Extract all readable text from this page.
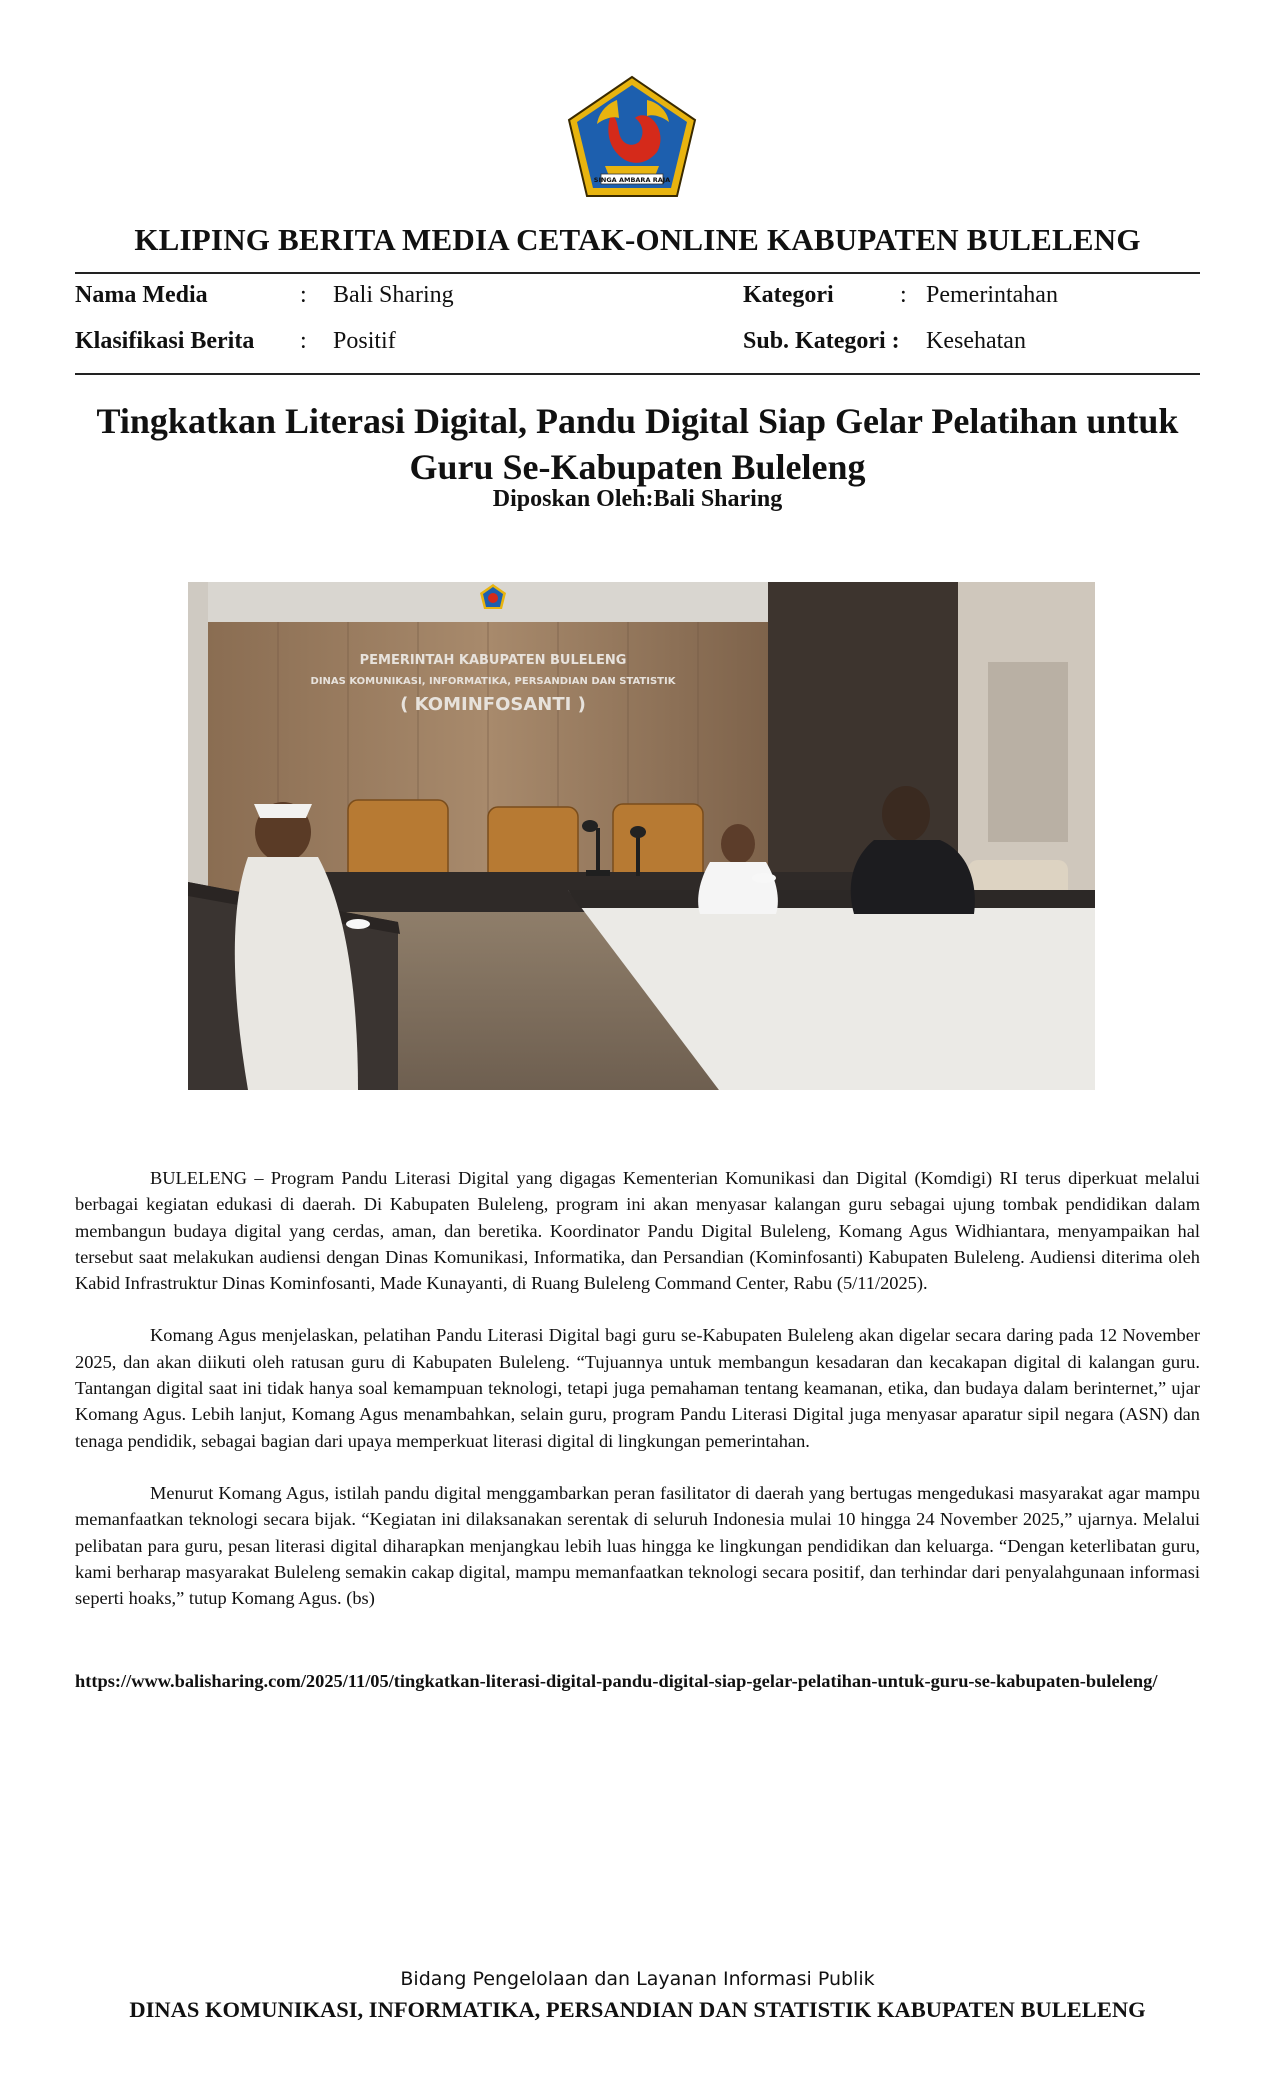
SINGA AMBARA RAJA
KLIPING BERITA MEDIA CETAK-ONLINE KABUPATEN BULELENG
Nama Media	: Bali Sharing
Klasifikasi Berita : Positif
Kategori	: Pemerintahan
Sub. Kategori : Kesehatan
Tingkatkan Literasi Digital, Pandu Digital Siap Gelar Pelatihan untuk
Guru Se-Kabupaten Buleleng
Diposkan Oleh:Bali Sharing
PEMERINTAH KABUPATEN BULELENG
DINAS KOMUNIKASI, INFORMATIKA, PERSANDIAN DAN STATISTIK
( KOMINFOSANTI )

BULELENG – Program Pandu Literasi Digital yang digagas Kementerian Komunikasi dan Digital (Komdigi) RI terus diperkuat melalui berbagai kegiatan edukasi di daerah. Di Kabupaten Buleleng, program ini akan menyasar kalangan guru sebagai ujung tombak pendidikan dalam membangun budaya digital yang cerdas, aman, dan beretika. Koordinator Pandu Digital Buleleng, Komang Agus Widhiantara, menyampaikan hal tersebut saat melakukan audiensi dengan Dinas Komunikasi, Informatika, dan Persandian (Kominfosanti) Kabupaten Buleleng. Audiensi diterima oleh Kabid Infrastruktur Dinas Kominfosanti, Made Kunayanti, di Ruang Buleleng Command Center, Rabu (5/11/2025).

Komang Agus menjelaskan, pelatihan Pandu Literasi Digital bagi guru se-Kabupaten Buleleng akan digelar secara daring pada 12 November 2025, dan akan diikuti oleh ratusan guru di Kabupaten Buleleng. “Tujuannya untuk membangun kesadaran dan kecakapan digital di kalangan guru. Tantangan digital saat ini tidak hanya soal kemampuan teknologi, tetapi juga pemahaman tentang keamanan, etika, dan budaya dalam berinternet,” ujar Komang Agus. Lebih lanjut, Komang Agus menambahkan, selain guru, program Pandu Literasi Digital juga menyasar aparatur sipil negara (ASN) dan tenaga pendidik, sebagai bagian dari upaya memperkuat literasi digital di lingkungan pemerintahan.

Menurut Komang Agus, istilah pandu digital menggambarkan peran fasilitator di daerah yang bertugas mengedukasi masyarakat agar mampu memanfaatkan teknologi secara bijak. “Kegiatan ini dilaksanakan serentak di seluruh Indonesia mulai 10 hingga 24 November 2025,” ujarnya. Melalui pelibatan para guru, pesan literasi digital diharapkan menjangkau lebih luas hingga ke lingkungan pendidikan dan keluarga. “Dengan keterlibatan guru, kami berharap masyarakat Buleleng semakin cakap digital, mampu memanfaatkan teknologi secara positif, dan terhindar dari penyalahgunaan informasi seperti hoaks,” tutup Komang Agus. (bs)

https://www.balisharing.com/2025/11/05/tingkatkan-literasi-digital-pandu-digital-siap-gelar-pelatihan-untuk-guru-se-kabupaten-buleleng/
Bidang Pengelolaan dan Layanan Informasi Publik
DINAS KOMUNIKASI, INFORMATIKA, PERSANDIAN DAN STATISTIK KABUPATEN BULELENG
